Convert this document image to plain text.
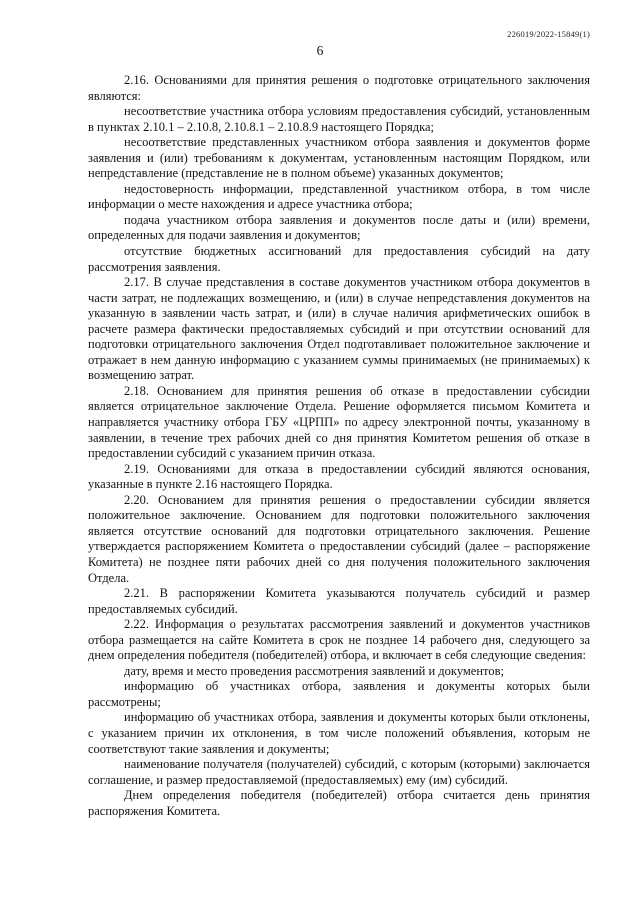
226019/2022-15849(1)
6

2.16. Основаниями для принятия решения о подготовке отрицательного заключения являются:

несоответствие участника отбора условиям предоставления субсидий, установленным в пунктах 2.10.1 – 2.10.8, 2.10.8.1 – 2.10.8.9 настоящего Порядка;

несоответствие представленных участником отбора заявления и документов форме заявления и (или) требованиям к документам, установленным настоящим Порядком, или непредставление (представление не в полном объеме) указанных документов;

недостоверность информации, представленной участником отбора, в том числе информации о месте нахождения и адресе участника отбора;

подача участником отбора заявления и документов после даты и (или) времени, определенных для подачи заявления и документов;

отсутствие бюджетных ассигнований для предоставления субсидий на дату рассмотрения заявления.

2.17. В случае представления в составе документов участником отбора документов в части затрат, не подлежащих возмещению, и (или) в случае непредставления документов на указанную в заявлении часть затрат, и (или) в случае наличия арифметических ошибок в расчете размера фактически предоставляемых субсидий и при отсутствии оснований для подготовки отрицательного заключения Отдел подготавливает положительное заключение и отражает в нем данную информацию с указанием суммы принимаемых (не принимаемых) к возмещению затрат.

2.18. Основанием для принятия решения об отказе в предоставлении субсидии является отрицательное заключение Отдела. Решение оформляется письмом Комитета и направляется участнику отбора ГБУ «ЦРПП» по адресу электронной почты, указанному в заявлении, в течение трех рабочих дней со дня принятия Комитетом решения об отказе в предоставлении субсидий с указанием причин отказа.

2.19. Основаниями для отказа в предоставлении субсидий являются основания, указанные в пункте 2.16 настоящего Порядка.

2.20. Основанием для принятия решения о предоставлении субсидии является положительное заключение. Основанием для подготовки положительного заключения является отсутствие оснований для подготовки отрицательного заключения. Решение утверждается распоряжением Комитета о предоставлении субсидий (далее – распоряжение Комитета) не позднее пяти рабочих дней со дня получения положительного заключения Отдела.

2.21. В распоряжении Комитета указываются получатель субсидий и размер предоставляемых субсидий.

2.22. Информация о результатах рассмотрения заявлений и документов участников отбора размещается на сайте Комитета в срок не позднее 14 рабочего дня, следующего за днем определения победителя (победителей) отбора, и включает в себя следующие сведения:

дату, время и место проведения рассмотрения заявлений и документов;

информацию об участниках отбора, заявления и документы которых были рассмотрены;

информацию об участниках отбора, заявления и документы которых были отклонены, с указанием причин их отклонения, в том числе положений объявления, которым не соответствуют такие заявления и документы;

наименование получателя (получателей) субсидий, с которым (которыми) заключается соглашение, и размер предоставляемой (предоставляемых) ему (им) субсидий.

Днем определения победителя (победителей) отбора считается день принятия распоряжения Комитета.
